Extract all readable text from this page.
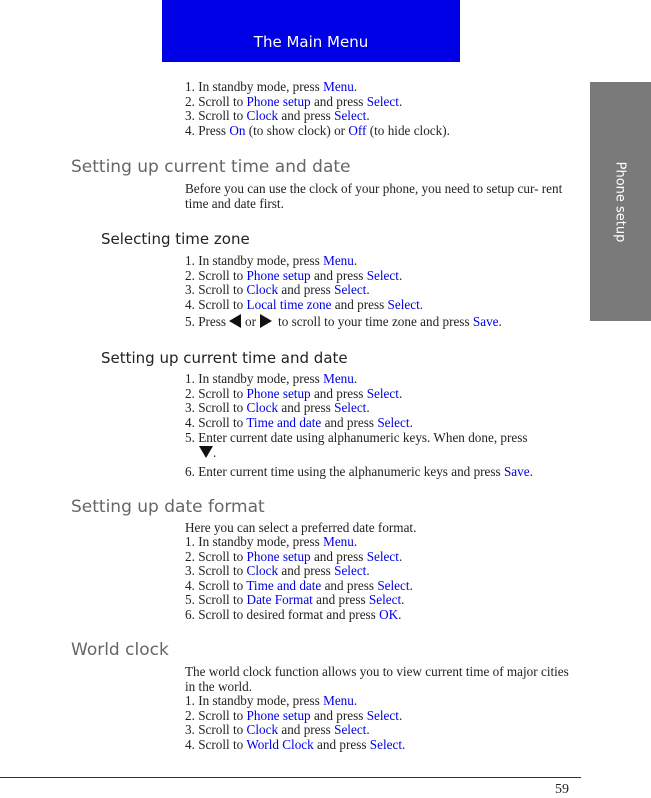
The Main Menu
Phone setup
1. In standby mode, press Menu.
2. Scroll to Phone setup and press Select.
3. Scroll to Clock and press Select.
4. Press On (to show clock) or Off (to hide clock).
Setting up current time and date
Before you can use the clock of your phone, you need to setup cur- rent time and date first.
Selecting time zone
1. In standby mode, press Menu.
2. Scroll to Phone setup and press Select.
3. Scroll to Clock and press Select.
4. Scroll to Local time zone and press Select.
5. Press or to scroll to your time zone and press Save.
Setting up current time and date
1. In standby mode, press Menu.
2. Scroll to Phone setup and press Select.
3. Scroll to Clock and press Select.
4. Scroll to Time and date and press Select.
5. Enter current date using alphanumeric keys. When done, press
.
6. Enter current time using the alphanumeric keys and press Save.
Setting up date format
Here you can select a preferred date format.
1. In standby mode, press Menu.
2. Scroll to Phone setup and press Select.
3. Scroll to Clock and press Select.
4. Scroll to Time and date and press Select.
5. Scroll to Date Format and press Select.
6. Scroll to desired format and press OK.
World clock
The world clock function allows you to view current time of major cities in the world.
1. In standby mode, press Menu.
2. Scroll to Phone setup and press Select.
3. Scroll to Clock and press Select.
4. Scroll to World Clock and press Select.
59
